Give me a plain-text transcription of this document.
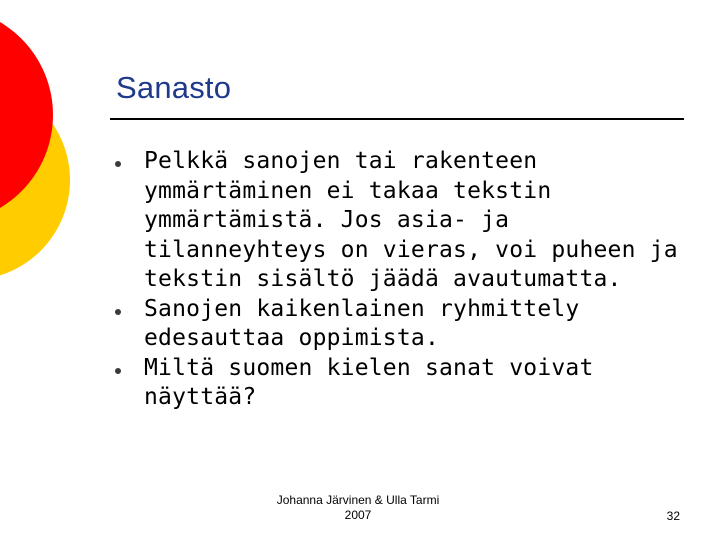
Sanasto
Pelkkä sanojen tai rakenteen ymmärtäminen ei takaa tekstin ymmärtämistä. Jos asia- ja tilanneyhteys on vieras, voi puheen ja tekstin sisältö jäädä avautumatta.
Sanojen kaikenlainen ryhmittely edesauttaa oppimista.
Miltä suomen kielen sanat voivat näyttää?
Johanna Järvinen & Ulla Tarmi
2007	32
